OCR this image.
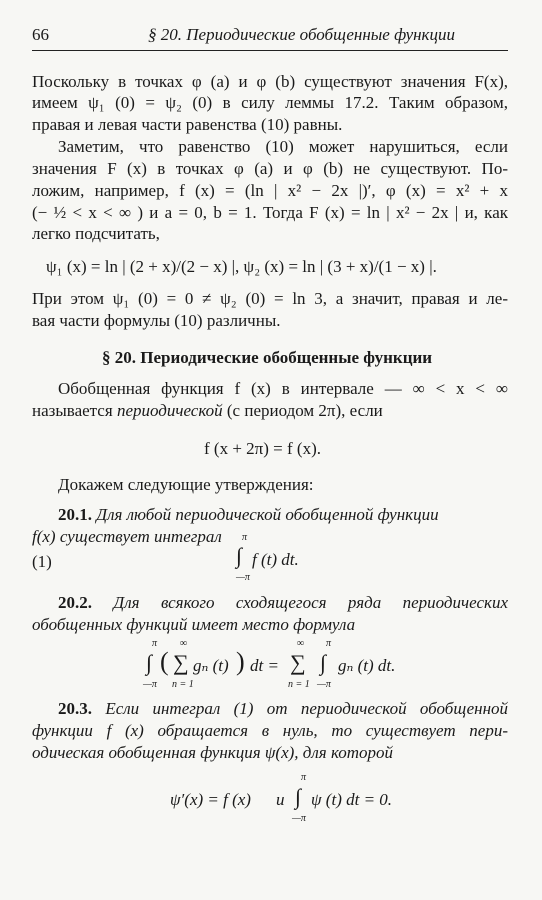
66	§ 20. Периодические обобщенные функции
Поскольку в точках φ (a) и φ (b) существуют значения F(x),
имеем ψ₁ (0) = ψ₂ (0) в силу леммы 17.2. Таким образом,
правая и левая части равенства (10) равны.
Заметим, что равенство (10) может нарушиться, если
значения F (x) в точках φ (a) и φ (b) не существуют. По-
ложим, например, f (x) = (ln | x² − 2x |)′, φ (x) = x² + x
(− ½ < x < ∞ ) и a = 0, b = 1. Тогда F (x) = ln | x² − 2x | и, как
легко подсчитать,
ψ₁ (x) = ln | (2 + x)/(2 − x) |, ψ₂ (x) = ln | (3 + x)/(1 − x) |.
При этом ψ₁ (0) = 0 ≠ ψ₂ (0) = ln 3, а значит, правая и ле-
вая части формулы (10) различны.
§ 20. Периодические обобщенные функции
Обобщенная функция f (x) в интервале — ∞ < x < ∞
называется периодической (с периодом 2π), если
f (x + 2π) = f (x).
Докажем следующие утверждения:
20.1. Для любой периодической обобщенной функции
f(x) существует интеграл
(1)
π
∫
—π
f (t) dt.
20.2. Для всякого сходящегося ряда периодических
обобщенных функций имеет место формула
π
∫
—π
(
∞
∑
n = 1
gₙ (t) ) dt =
∞
∑
n = 1
π
∫
—π
gₙ (t) dt.
20.3. Если интеграл (1) от периодической обобщенной
функции f (x) обращается в нуль, то существует пери-
одическая обобщенная функция ψ(x), для которой
ψ′(x) = f (x) и
π
∫
—π
ψ (t) dt = 0.
